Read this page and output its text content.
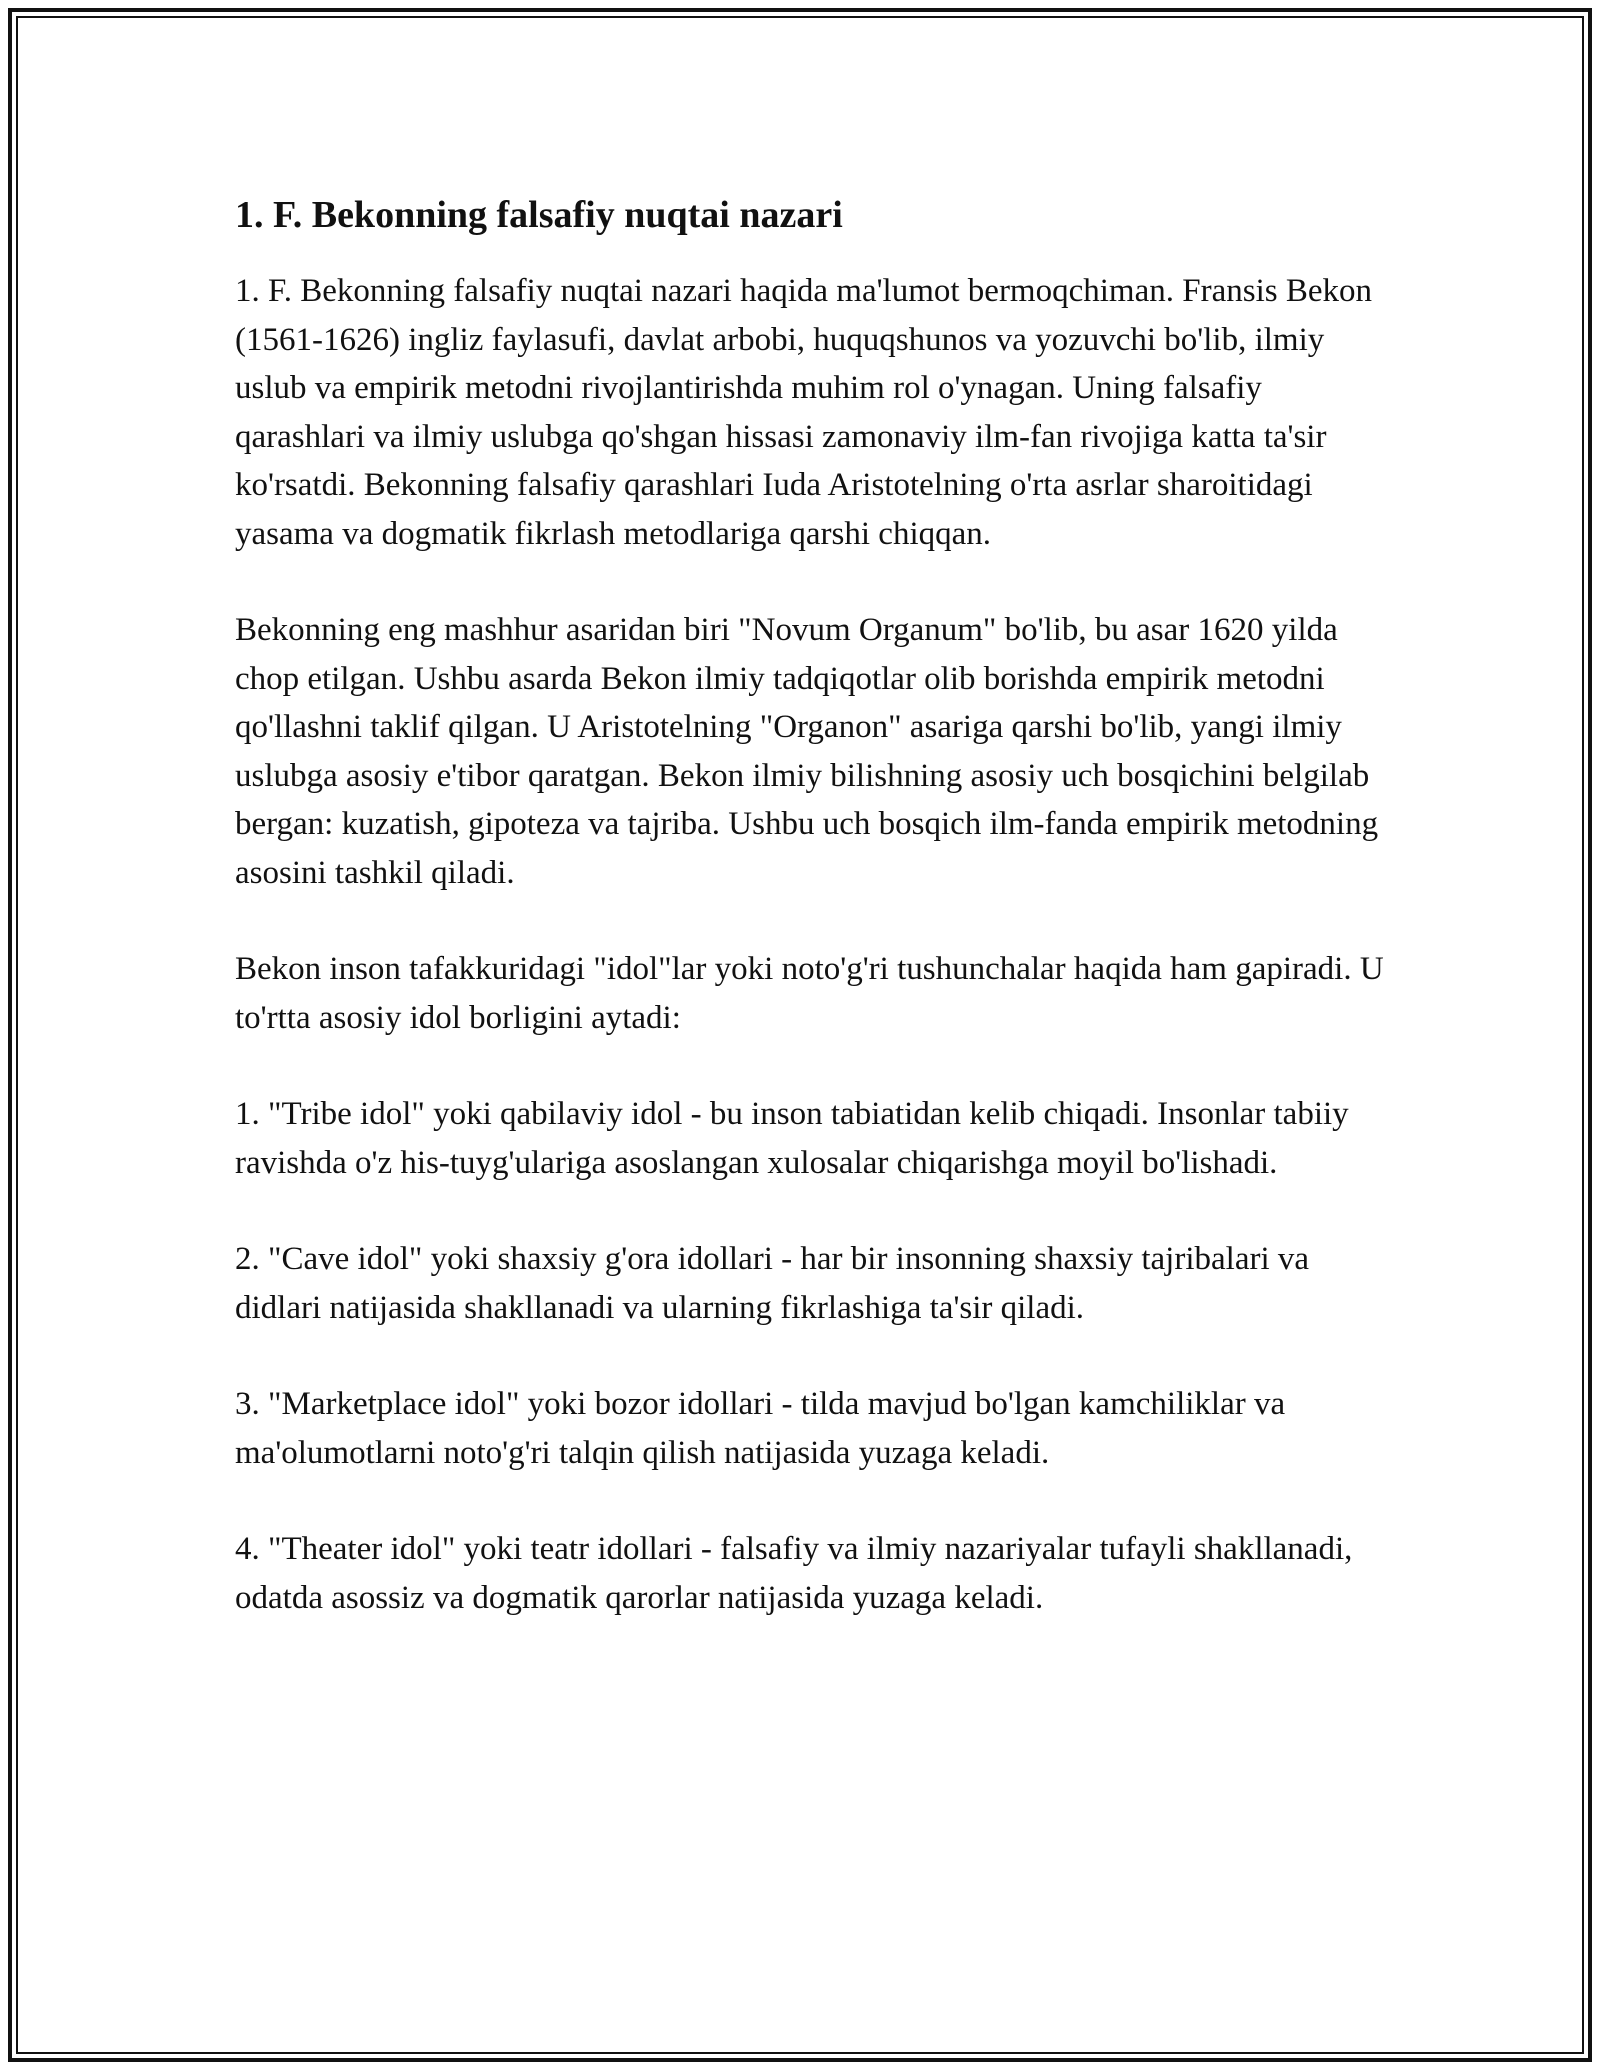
1. F. Bekonning falsafiy nuqtai nazari

1. F. Bekonning falsafiy nuqtai nazari haqida ma'lumot bermoqchiman. Fransis Bekon (1561-1626) ingliz faylasufi, davlat arbobi, huquqshunos va yozuvchi bo'lib, ilmiy uslub va empirik metodni rivojlantirishda muhim rol o'ynagan. Uning falsafiy qarashlari va ilmiy uslubga qo'shgan hissasi zamonaviy ilm-fan rivojiga katta ta'sir ko'rsatdi. Bekonning falsafiy qarashlari Iuda Aristotelning o'rta asrlar sharoitidagi yasama va dogmatik fikrlash metodlariga qarshi chiqqan.

Bekonning eng mashhur asaridan biri "Novum Organum" bo'lib, bu asar 1620 yilda chop etilgan. Ushbu asarda Bekon ilmiy tadqiqotlar olib borishda empirik metodni qo'llashni taklif qilgan. U Aristotelning "Organon" asariga qarshi bo'lib, yangi ilmiy uslubga asosiy e'tibor qaratgan. Bekon ilmiy bilishning asosiy uch bosqichini belgilab bergan: kuzatish, gipoteza va tajriba. Ushbu uch bosqich ilm-fanda empirik metodning asosini tashkil qiladi.

Bekon inson tafakkuridagi "idol"lar yoki noto'g'ri tushunchalar haqida ham gapiradi. U to'rtta asosiy idol borligini aytadi:

1. "Tribe idol" yoki qabilaviy idol - bu inson tabiatidan kelib chiqadi. Insonlar tabiiy ravishda o'z his-tuyg'ulariga asoslangan xulosalar chiqarishga moyil bo'lishadi.

2. "Cave idol" yoki shaxsiy g'ora idollari - har bir insonning shaxsiy tajribalari va didlari natijasida shakllanadi va ularning fikrlashiga ta'sir qiladi.

3. "Marketplace idol" yoki bozor idollari - tilda mavjud bo'lgan kamchiliklar va ma'olumotlarni noto'g'ri talqin qilish natijasida yuzaga keladi.

4. "Theater idol" yoki teatr idollari - falsafiy va ilmiy nazariyalar tufayli shakllanadi, odatda asossiz va dogmatik qarorlar natijasida yuzaga keladi.
